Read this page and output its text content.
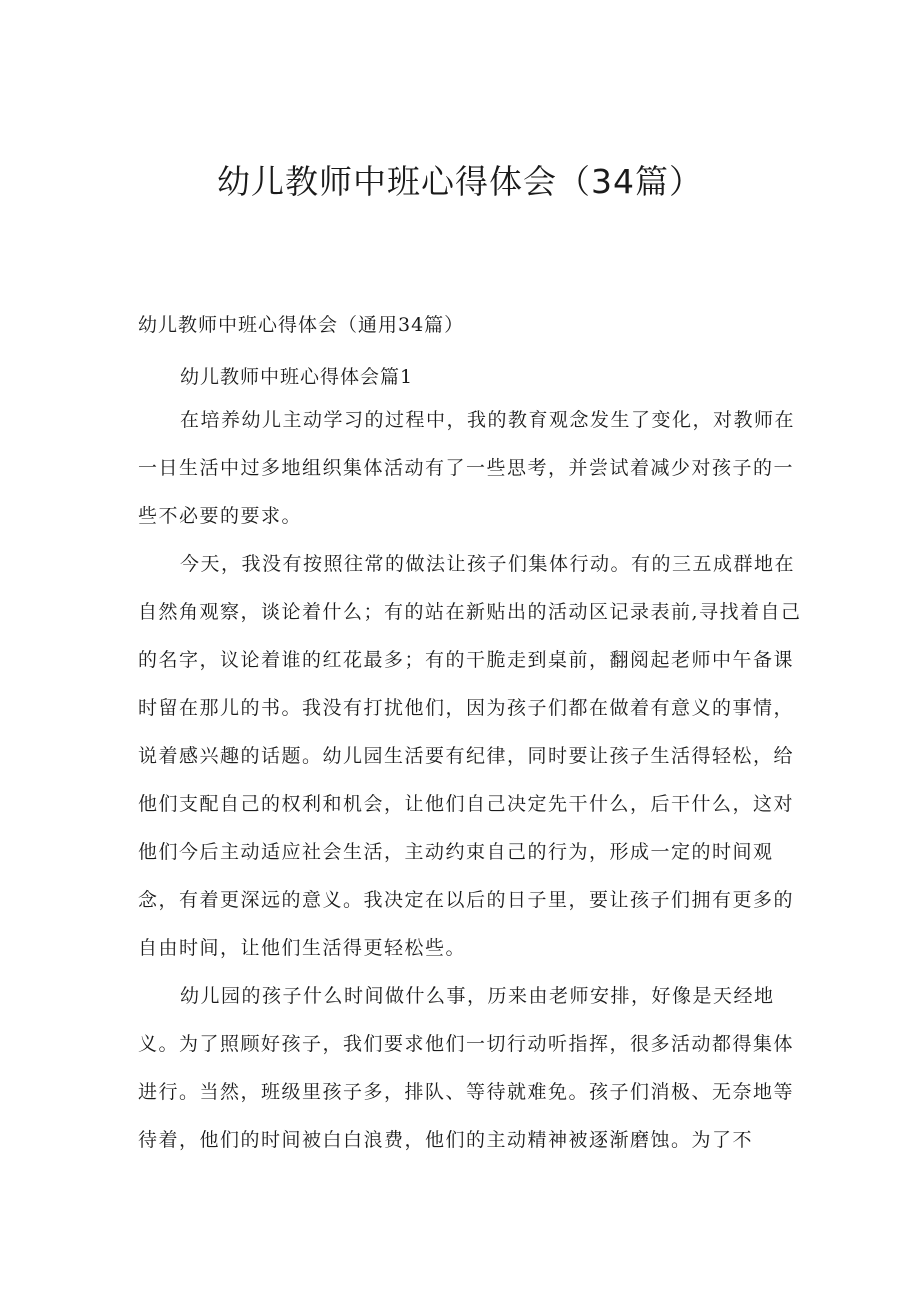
幼儿教师中班心得体会（34篇）
幼儿教师中班心得体会（通用34篇）
幼儿教师中班心得体会篇1
在培养幼儿主动学习的过程中，我的教育观念发生了变化，对教师在
一日生活中过多地组织集体活动有了一些思考，并尝试着减少对孩子的一
些不必要的要求。
今天，我没有按照往常的做法让孩子们集体行动。有的三五成群地在
自然角观察，谈论着什么；有的站在新贴出的活动区记录表前,寻找着自己
的名字，议论着谁的红花最多；有的干脆走到桌前，翻阅起老师中午备课
时留在那儿的书。我没有打扰他们，因为孩子们都在做着有意义的事情，
说着感兴趣的话题。幼儿园生活要有纪律，同时要让孩子生活得轻松，给
他们支配自己的权利和机会，让他们自己决定先干什么，后干什么，这对
他们今后主动适应社会生活，主动约束自己的行为，形成一定的时间观
念，有着更深远的意义。我决定在以后的日子里，要让孩子们拥有更多的
自由时间，让他们生活得更轻松些。
幼儿园的孩子什么时间做什么事，历来由老师安排，好像是天经地
义。为了照顾好孩子，我们要求他们一切行动听指挥，很多活动都得集体
进行。当然，班级里孩子多，排队、等待就难免。孩子们消极、无奈地等
待着，他们的时间被白白浪费，他们的主动精神被逐渐磨蚀。为了不
